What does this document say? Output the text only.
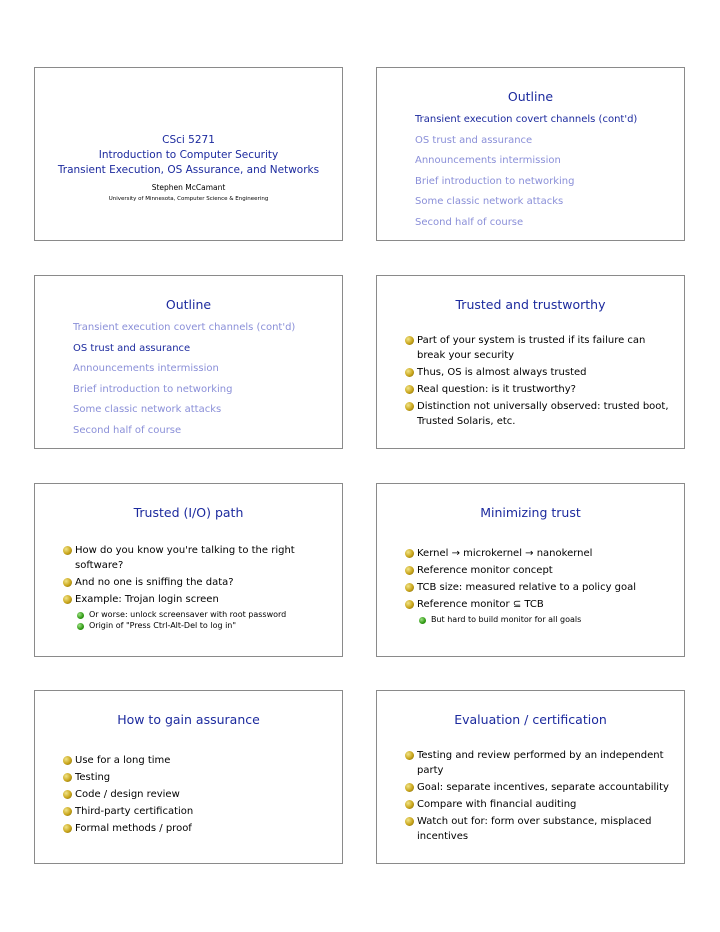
CSci 5271
Introduction to Computer Security
Transient Execution, OS Assurance, and Networks
Stephen McCamant
University of Minnesota, Computer Science & Engineering
Outline
Transient execution covert channels (cont'd)
OS trust and assurance
Announcements intermission
Brief introduction to networking
Some classic network attacks
Second half of course
Outline
Transient execution covert channels (cont'd)
OS trust and assurance
Announcements intermission
Brief introduction to networking
Some classic network attacks
Second half of course
Trusted and trustworthy
Part of your system is trusted if its failure can break your security
Thus, OS is almost always trusted
Real question: is it trustworthy?
Distinction not universally observed: trusted boot, Trusted Solaris, etc.
Trusted (I/O) path
How do you know you're talking to the right software?
And no one is sniffing the data?
Example: Trojan login screen
Or worse: unlock screensaver with root password
Origin of "Press Ctrl-Alt-Del to log in"
Minimizing trust
Kernel → microkernel → nanokernel
Reference monitor concept
TCB size: measured relative to a policy goal
Reference monitor ⊆ TCB
But hard to build monitor for all goals
How to gain assurance
Use for a long time
Testing
Code / design review
Third-party certification
Formal methods / proof
Evaluation / certification
Testing and review performed by an independent party
Goal: separate incentives, separate accountability
Compare with financial auditing
Watch out for: form over substance, misplaced incentives
